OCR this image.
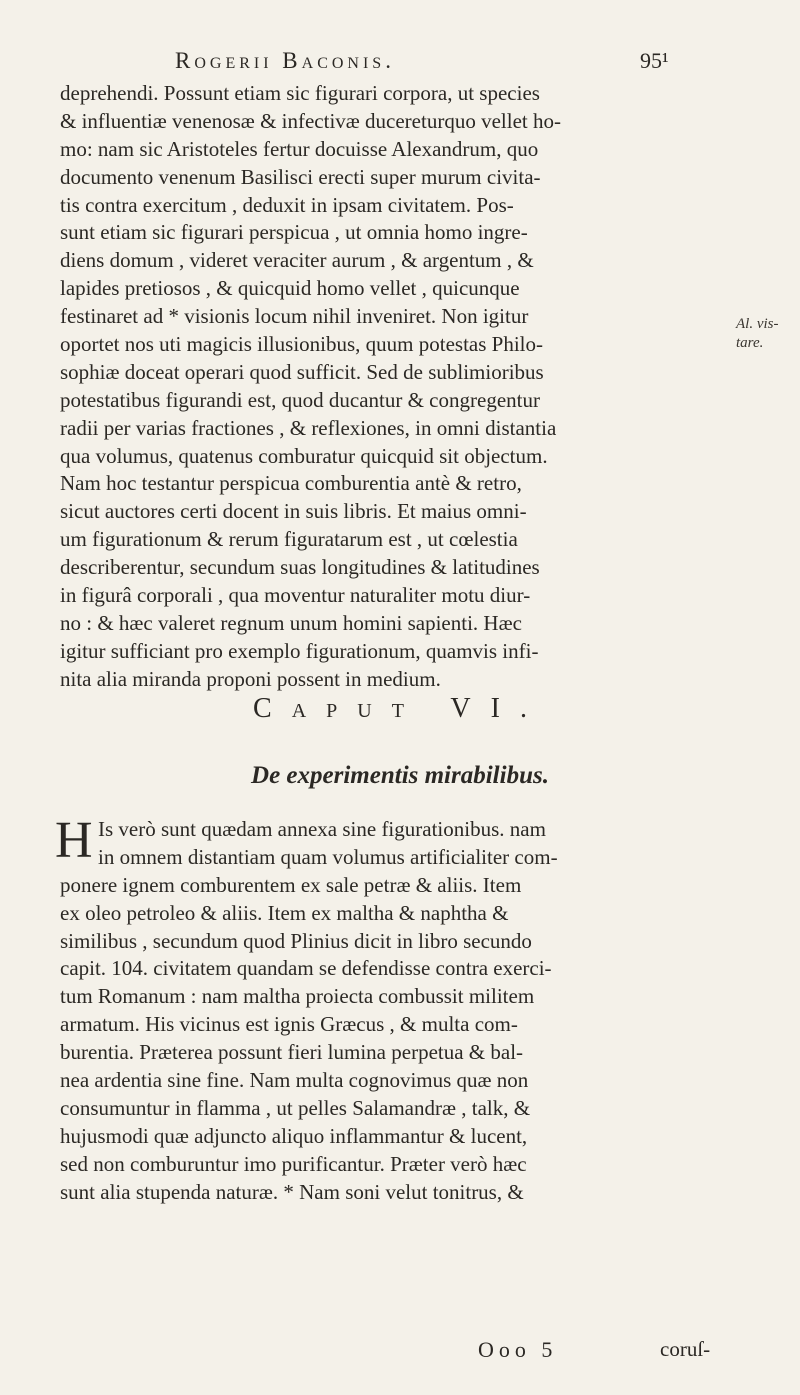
Rogerii Baconis.	95¹
deprehendi. Possunt etiam sic figurari corpora, ut species
& influentiæ venenosæ & infectivæ ducereturquo vellet ho-
mo: nam sic Aristoteles fertur docuisse Alexandrum, quo
documento venenum Basilisci erecti super murum civita-
tis contra exercitum , deduxit in ipsam civitatem. Pos-
sunt etiam sic figurari perspicua , ut omnia homo ingre-
diens domum , videret veraciter aurum , & argentum , &
lapides pretiosos , & quicquid homo vellet , quicunque
festinaret ad * visionis locum nihil inveniret. Non igitur
oportet nos uti magicis illusionibus, quum potestas Philo-
sophiæ doceat operari quod sufficit. Sed de sublimioribus
potestatibus figurandi est, quod ducantur & congregentur
radii per varias fractiones , & reflexiones, in omni distantia
qua volumus, quatenus comburatur quicquid sit objectum.
Nam hoc testantur perspicua comburentia antè & retro,
sicut auctores certi docent in suis libris. Et maius omni-
um figurationum & rerum figuratarum est , ut cœlestia
describerentur, secundum suas longitudines & latitudines
in figurâ corporali , qua moventur naturaliter motu diur-
no : & hæc valeret regnum unum homini sapienti. Hæc
igitur sufficiant pro exemplo figurationum, quamvis infi-
nita alia miranda proponi possent in medium.
Al. vis- tare.
Caput VI.
De experimentis mirabilibus.
H Is verò sunt quædam annexa sine figurationibus. nam
in omnem distantiam quam volumus artificialiter com-
ponere ignem comburentem ex sale petræ & aliis. Item
ex oleo petroleo & aliis. Item ex maltha & naphtha &
similibus , secundum quod Plinius dicit in libro secundo
capit. 104. civitatem quandam se defendisse contra exerci-
tum Romanum : nam maltha proiecta combussit militem
armatum. His vicinus est ignis Græcus , & multa com-
burentia. Præterea possunt fieri lumina perpetua & bal-
nea ardentia sine fine. Nam multa cognovimus quæ non
consumuntur in flamma , ut pelles Salamandræ , talk, &
hujusmodi quæ adjuncto aliquo inflammantur & lucent,
sed non comburuntur imo purificantur. Præter verò hæc
sunt alia stupenda naturæ. * Nam soni velut tonitrus, &
Ooo 5	coruſ-
